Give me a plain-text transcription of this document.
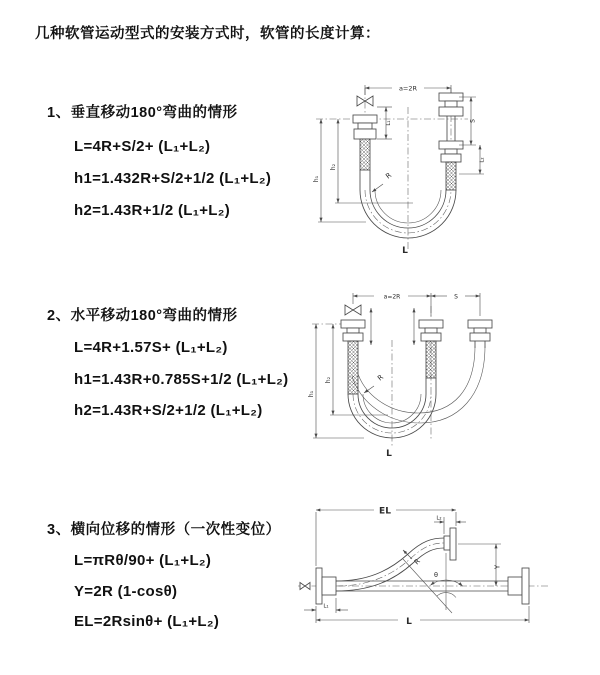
几种软管运动型式的安装方式时，软管的长度计算：
1、垂直移动180°弯曲的情形
L=4R+S/2+ (L₁+L₂)
h1=1.432R+S/2+1/2 (L₁+L₂)
h2=1.43R+1/2 (L₁+L₂)
2、水平移动180°弯曲的情形
L=4R+1.57S+ (L₁+L₂)
h1=1.43R+0.785S+1/2 (L₁+L₂)
h2=1.43R+S/2+1/2 (L₁+L₂)
3、横向位移的情形（一次性变位）
L=πRθ/90+ (L₁+L₂)
Y=2R (1-cosθ)
EL=2Rsinθ+ (L₁+L₂)
a=2R
R
h₁
h₂
L₁	S
L₂
L
a=2R	S
h₁
h₂	R
L
EL
L₂
Y
R
θ
L₁
L
